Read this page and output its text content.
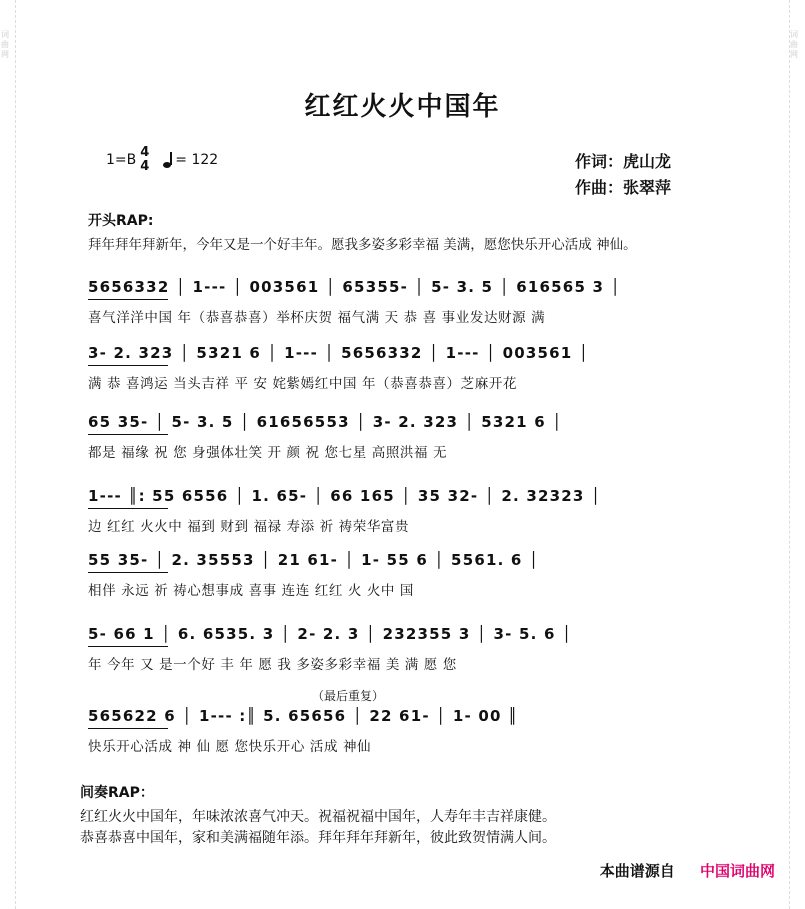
词曲网
词曲网
红红火火中国年
1=B 4
4 = 122	作词：虎山龙
作曲：张翠萍
开头RAP:
拜年拜年拜新年，今年又是一个好丰年。愿我多姿多彩幸福 美满，愿您快乐开心活成 神仙。
5656332 │ 1--- │ 003561 │ 65355- │ 5- 3. 5 │ 616565 3 │
喜气洋洋中国 年（恭喜恭喜）举杯庆贺 福气满 天 恭 喜 事业发达财源 满
3- 2. 323 │ 5321 6 │ 1--- │ 5656332 │ 1--- │ 003561 │
满 恭 喜鸿运 当头吉祥 平 安 姹紫嫣红中国 年（恭喜恭喜）芝麻开花
65 35- │ 5- 3. 5 │ 61656553 │ 3- 2. 323 │ 5321 6 │
都是 福缘 祝 您 身强体壮笑 开 颜 祝 您七星 高照洪福 无
1--- ║: 55 6556 │ 1. 65- │ 66 165 │ 35 32- │ 2. 32323 │
边 红红 火火中 福到 财到 福禄 寿添 祈 祷荣华富贵
55 35- │ 2. 35553 │ 21 61- │ 1- 55 6 │ 5561. 6 │
相伴 永远 祈 祷心想事成 喜事 连连 红红 火 火中 国
5- 66 1 │ 6. 6535. 3 │ 2- 2. 3 │ 232355 3 │ 3- 5. 6 │
年 今年 又 是一个好 丰 年 愿 我 多姿多彩幸福 美 满 愿 您
（最后重复）
565622 6 │ 1--- :║ 5. 65656 │ 22 61- │ 1- 00 ║
快乐开心活成 神 仙 愿 您快乐开心 活成 神仙
间奏RAP：
红红火火中国年，年味浓浓喜气冲天。祝福祝福中国年，人寿年丰吉祥康健。
恭喜恭喜中国年，家和美满福随年添。拜年拜年拜新年，彼此致贺情满人间。
本曲谱源自 中国词曲网
